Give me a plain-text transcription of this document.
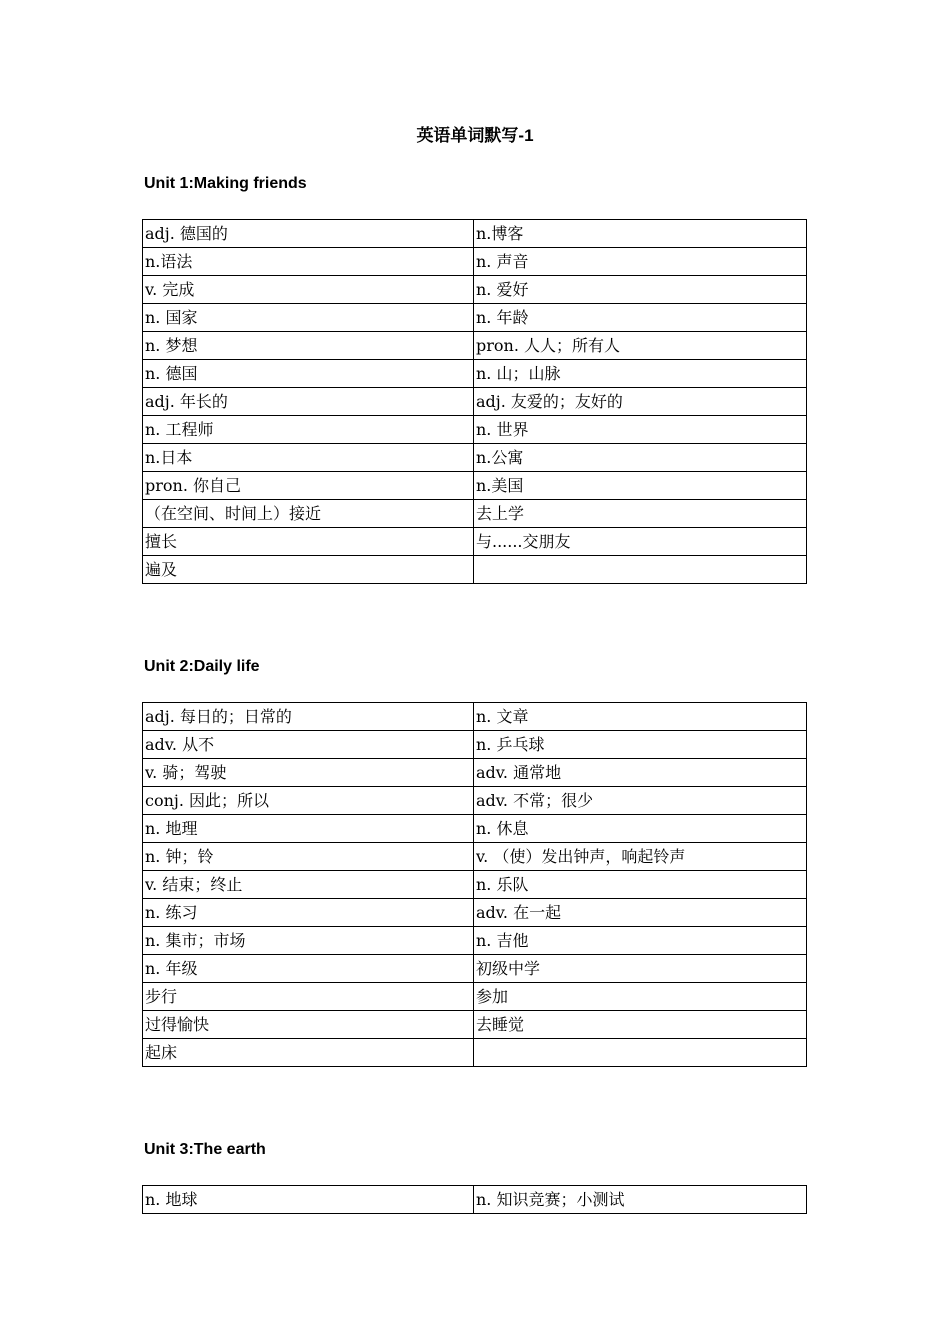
英语单词默写-1
Unit 1:Making friends
adj. 德国的	n.博客
n.语法	n. 声音
v. 完成	n. 爱好
n. 国家	n. 年龄
n. 梦想	pron. 人人；所有人
n. 德国	n. 山；山脉
adj. 年长的	adj. 友爱的；友好的
n. 工程师	n. 世界
n.日本	n.公寓
pron. 你自己	n.美国
（在空间、时间上）接近	去上学
擅长	与......交朋友
遍及	
Unit 2:Daily life
adj. 每日的；日常的	n. 文章
adv. 从不	n. 乒乓球
v. 骑；驾驶	adv. 通常地
conj. 因此；所以	adv. 不常；很少
n. 地理	n. 休息
n. 钟；铃	v. （使）发出钟声，响起铃声
v. 结束；终止	n. 乐队
n. 练习	adv. 在一起
n. 集市；市场	n. 吉他
n. 年级	初级中学
步行	参加
过得愉快	去睡觉
起床	
Unit 3:The earth
n. 地球	n. 知识竞赛；小测试
